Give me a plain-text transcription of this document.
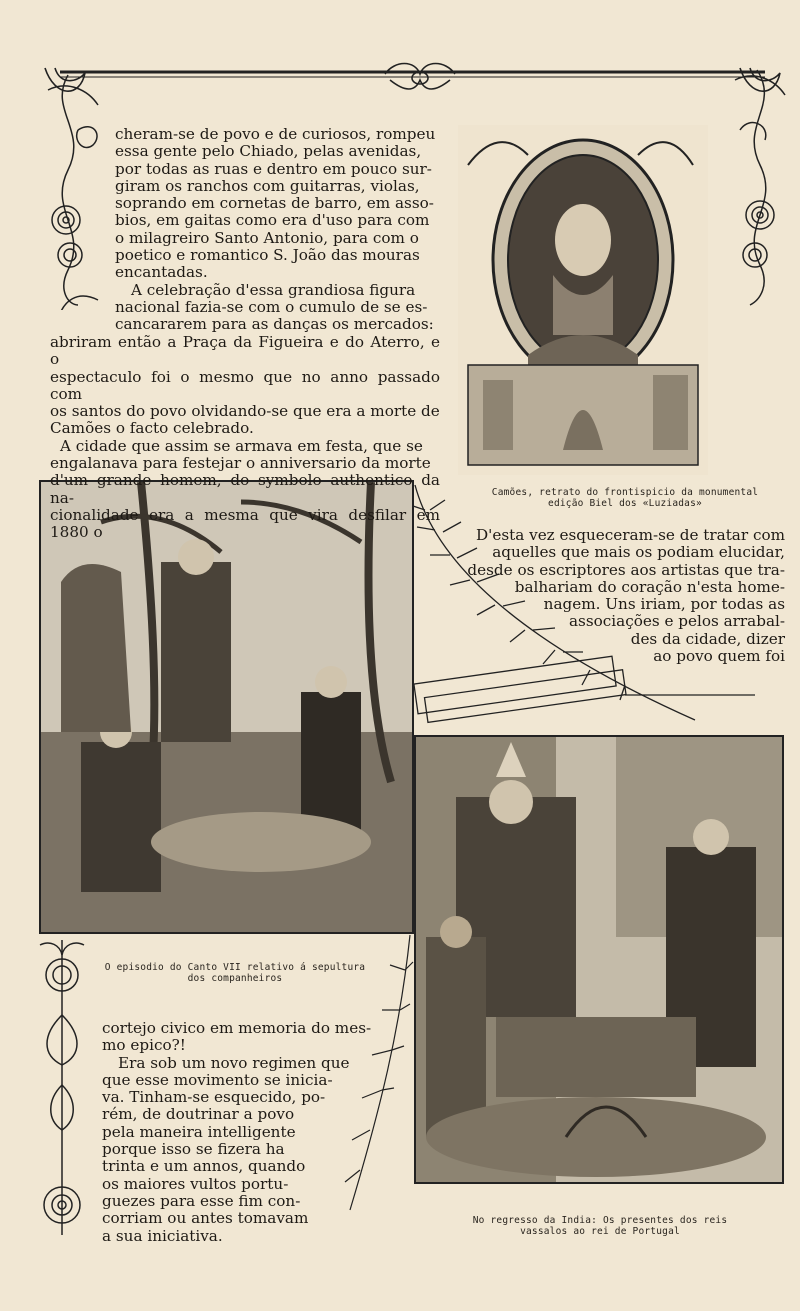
Camões, retrato do frontispicio da monumental
edição Biel dos «Luziadas»
O episodio do Canto VII relativo á sepultura
dos companheiros
No regresso da India: Os presentes dos reis
vassalos ao rei de Portugal
cheram-se de povo e de curiosos, rompeu
essa gente pelo Chiado, pelas avenidas,
por todas as ruas e dentro em pouco sur-
giram os ranchos com guitarras, violas,
soprando em cornetas de barro, em asso-
bios, em gaitas como era d'uso para com
o milagreiro Santo Antonio, para com o
poetico e romantico S. João das mouras
encantadas.
A celebração d'essa grandiosa figura
nacional fazia-se com o cumulo de se es-
cancararem para as danças os mercados:
abriram então a Praça da Figueira e do Aterro, e o
espectaculo foi o mesmo que no anno passado com
os santos do povo olvidando-se que era a morte de
Camões o facto celebrado.
A cidade que assim se armava em festa, que se
engalanava para festejar o anniversario da morte
d'um grande homem, do symbolo authentico da na-
cionalidade era a mesma que vira desfilar em 1880 o	D'esta vez esqueceram-se de tratar com
aquelles que mais os podiam elucidar,
desde os escriptores aos artistas que tra-
balhariam do coração n'esta home-
nagem. Uns iriam, por todas as
associações e pelos arrabal-
des da cidade, dizer
ao povo quem foi
cortejo civico em memoria do mes-
mo epico?!
Era sob um novo regimen que
que esse movimento se inicia-
va. Tinham-se esquecido, po-
rém, de doutrinar a povo
pela maneira intelligente
porque isso se fizera ha
trinta e um annos, quando
os maiores vultos portu-
guezes para esse fim con-
corriam ou antes tomavam
a sua iniciativa.
